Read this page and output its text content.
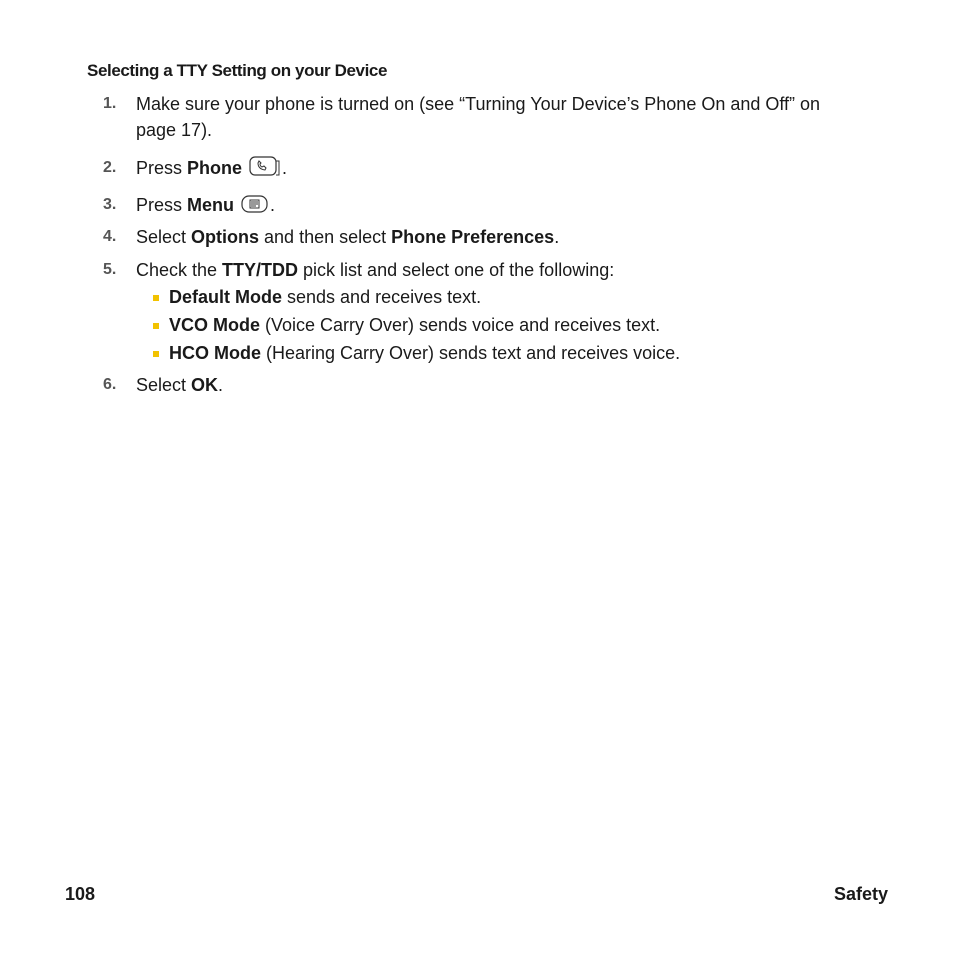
Selecting a TTY Setting on your Device
1.	Make sure your phone is turned on (see “Turning Your Device’s Phone On and Off” on
page 17).
2.	Press Phone .
3.	Press Menu .
4.	Select Options and then select Phone Preferences.
5.	Check the TTY/TDD pick list and select one of the following:
Default Mode sends and receives text.
VCO Mode (Voice Carry Over) sends voice and receives text.
HCO Mode (Hearing Carry Over) sends text and receives voice.
6.	Select OK.
108	Safety
